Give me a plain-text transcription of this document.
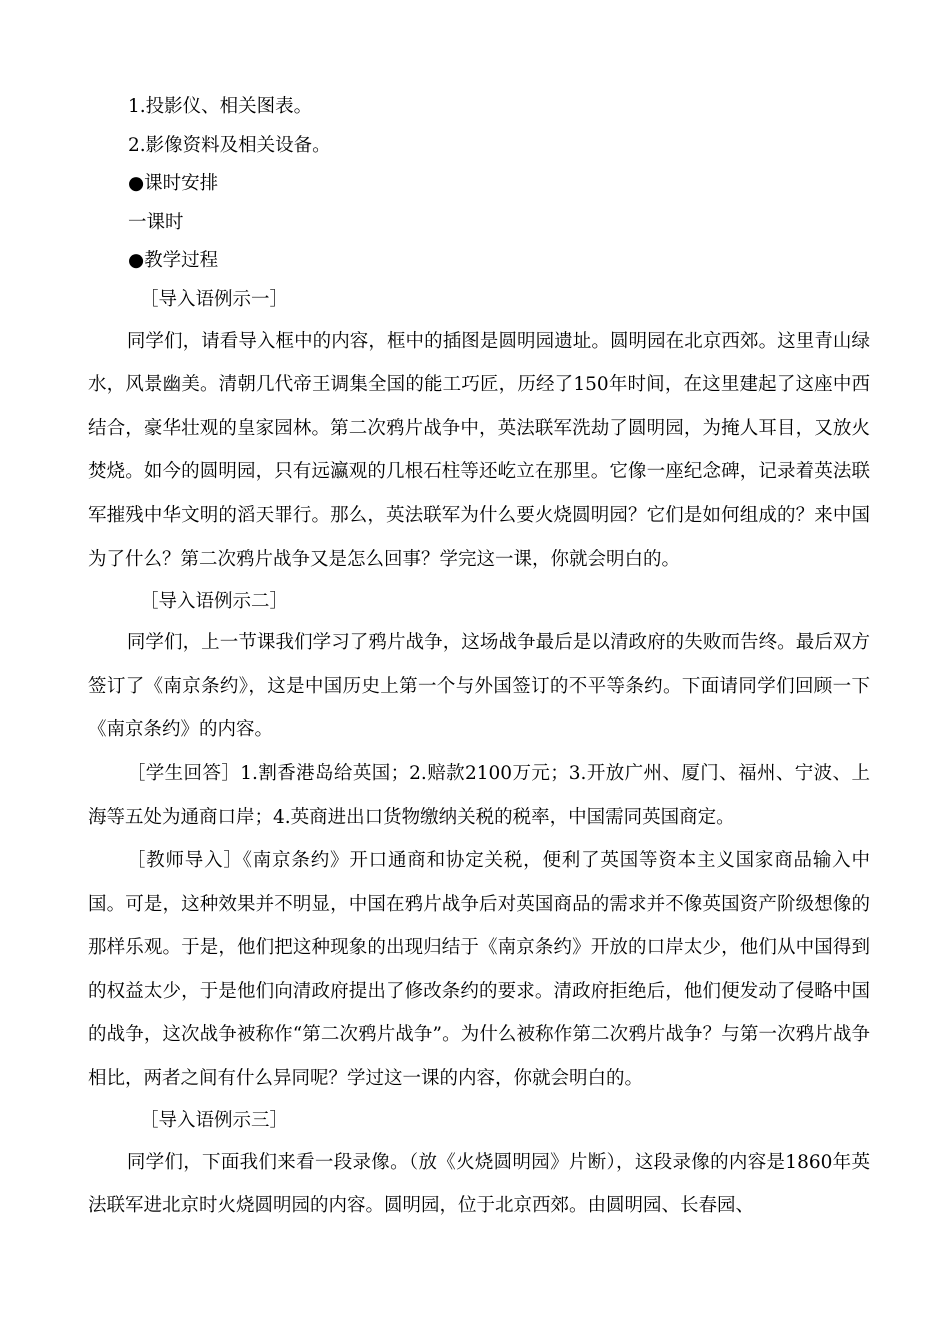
1.投影仪、相关图表。
2.影像资料及相关设备。
●课时安排
一课时
●教学过程
［导入语例示一］

同学们，请看导入框中的内容，框中的插图是圆明园遗址。圆明园在北京西郊。这里青山绿水，风景幽美。清朝几代帝王调集全国的能工巧匠，历经了150年时间，在这里建起了这座中西结合，豪华壮观的皇家园林。第二次鸦片战争中，英法联军洗劫了圆明园，为掩人耳目，又放火焚烧。如今的圆明园，只有远瀛观的几根石柱等还屹立在那里。它像一座纪念碑，记录着英法联军摧残中华文明的滔天罪行。那么，英法联军为什么要火烧圆明园？它们是如何组成的？来中国为了什么？第二次鸦片战争又是怎么回事？学完这一课，你就会明白的。

［导入语例示二］

同学们，上一节课我们学习了鸦片战争，这场战争最后是以清政府的失败而告终。最后双方签订了《南京条约》，这是中国历史上第一个与外国签订的不平等条约。下面请同学们回顾一下《南京条约》的内容。

［学生回答］1.割香港岛给英国；2.赔款2100万元；3.开放广州、厦门、福州、宁波、上海等五处为通商口岸；4.英商进出口货物缴纳关税的税率，中国需同英国商定。

［教师导入］《南京条约》开口通商和协定关税，便利了英国等资本主义国家商品输入中国。可是，这种效果并不明显，中国在鸦片战争后对英国商品的需求并不像英国资产阶级想像的那样乐观。于是，他们把这种现象的出现归结于《南京条约》开放的口岸太少，他们从中国得到的权益太少，于是他们向清政府提出了修改条约的要求。清政府拒绝后，他们便发动了侵略中国的战争，这次战争被称作“第二次鸦片战争”。为什么被称作第二次鸦片战争？与第一次鸦片战争相比，两者之间有什么异同呢？学过这一课的内容，你就会明白的。

［导入语例示三］

同学们，下面我们来看一段录像。（放《火烧圆明园》片断），这段录像的内容是1860年英法联军进北京时火烧圆明园的内容。圆明园，位于北京西郊。由圆明园、长春园、
